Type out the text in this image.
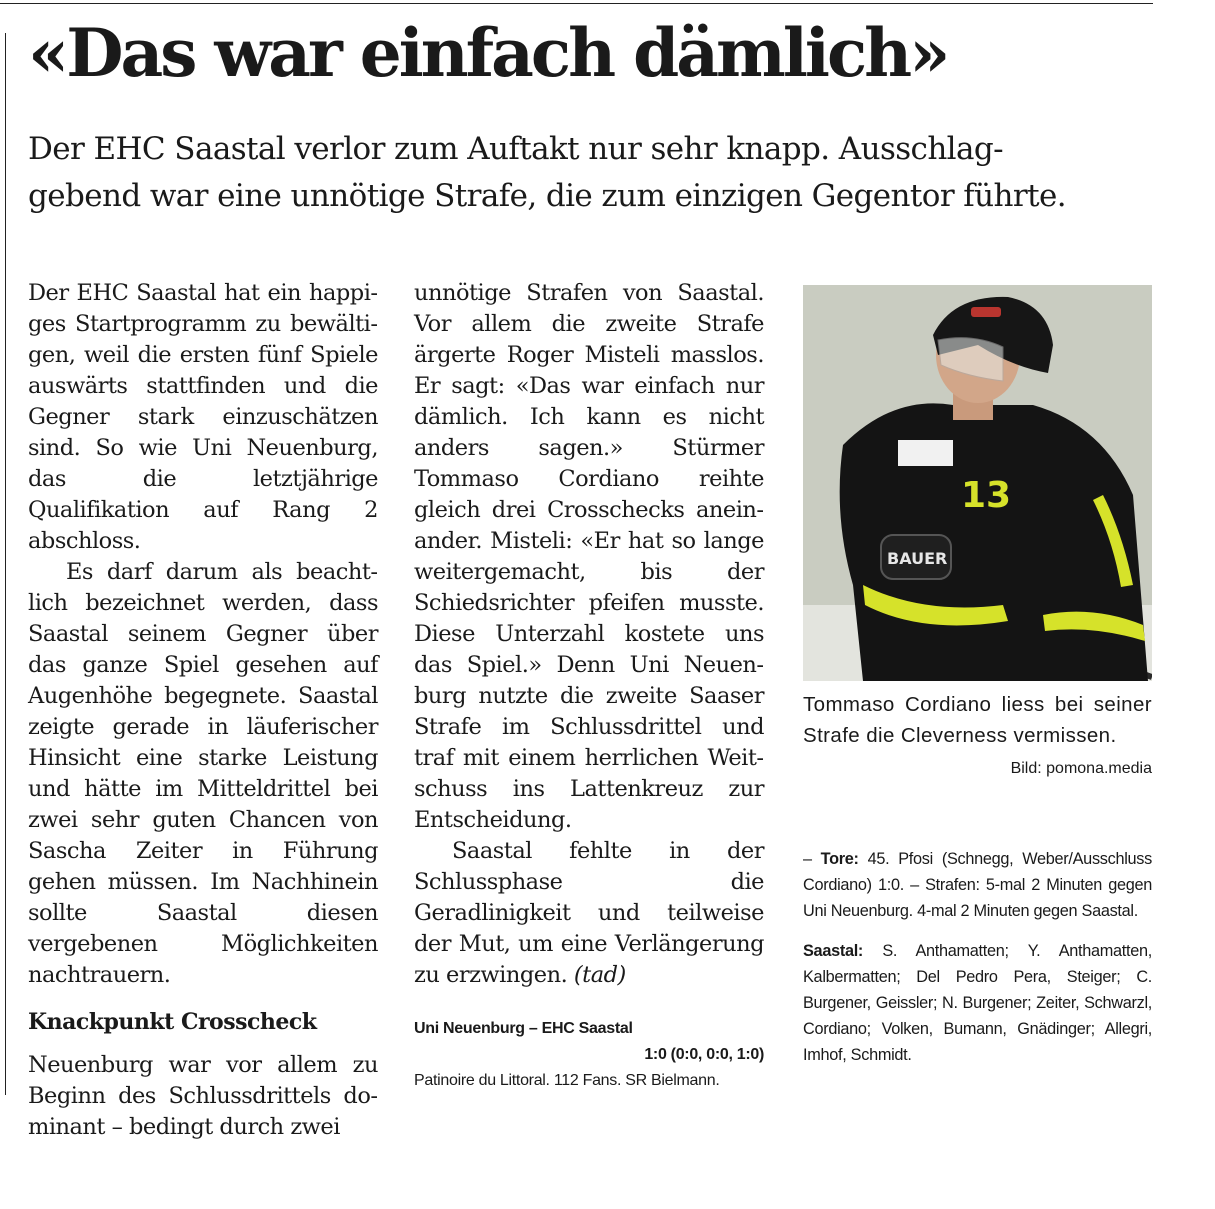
«Das war einfach dämlich»
Der EHC Saastal verlor zum Auftakt nur sehr knapp. Ausschlag-
gebend war eine unnötige Strafe, die zum einzigen Gegentor führte.

Der EHC Saastal hat ein happiges Startprogramm zu bewältigen, weil die ersten fünf Spiele auswärts stattfinden und die Gegner stark einzuschätzen sind. So wie Uni Neuenburg, das die letztjährige Qualifikation auf Rang 2 abschloss.

Es darf darum als beachtlich bezeichnet werden, dass Saastal seinem Gegner über das ganze Spiel gesehen auf Augenhöhe begegnete. Saastal zeigte gerade in läuferischer Hinsicht eine starke Leistung und hätte im Mitteldrittel bei zwei sehr guten Chancen von Sascha Zeiter in Führung gehen müssen. Im Nachhinein sollte Saastal diesen vergebenen Möglichkeiten nachtrauern.

Knackpunkt Crosscheck

Neuenburg war vor allem zu Beginn des Schlussdrittels dominant – bedingt durch zwei

unnötige Strafen von Saastal. Vor allem die zweite Strafe ärgerte Roger Misteli masslos. Er sagt: «Das war einfach nur dämlich. Ich kann es nicht anders sagen.» Stürmer Tommaso Cordiano reihte gleich drei Crosschecks aneinander. Misteli: «Er hat so lange weitergemacht, bis der Schiedsrichter pfeifen musste. Diese Unterzahl kostete uns das Spiel.» Denn Uni Neuenburg nutzte die zweite Saaser Strafe im Schlussdrittel und traf mit einem herrlichen Weitschuss ins Lattenkreuz zur Entscheidung.

Saastal fehlte in der Schlussphase die Geradlinigkeit und teilweise der Mut, um eine Verlängerung zu erzwingen. (tad)

13
BAUER
Tommaso Cordiano liess bei seiner Strafe die Cleverness vermissen.
Bild: pomona.media

– Tore: 45. Pfosi (Schnegg, Weber/Ausschluss Cordiano) 1:0. – Strafen: 5-mal 2 Minuten gegen Uni Neuenburg. 4-mal 2 Minuten gegen Saastal.

Saastal: S. Anthamatten; Y. Anthamatten, Kalbermatten; Del Pedro Pera, Steiger; C. Burgener, Geissler; N. Burgener; Zeiter, Schwarzl, Cordiano; Volken, Bumann, Gnädinger; Allegri, Imhof, Schmidt.

Uni Neuenburg – EHC Saastal
1:0 (0:0, 0:0, 1:0)
Patinoire du Littoral. 112 Fans. SR Bielmann.
